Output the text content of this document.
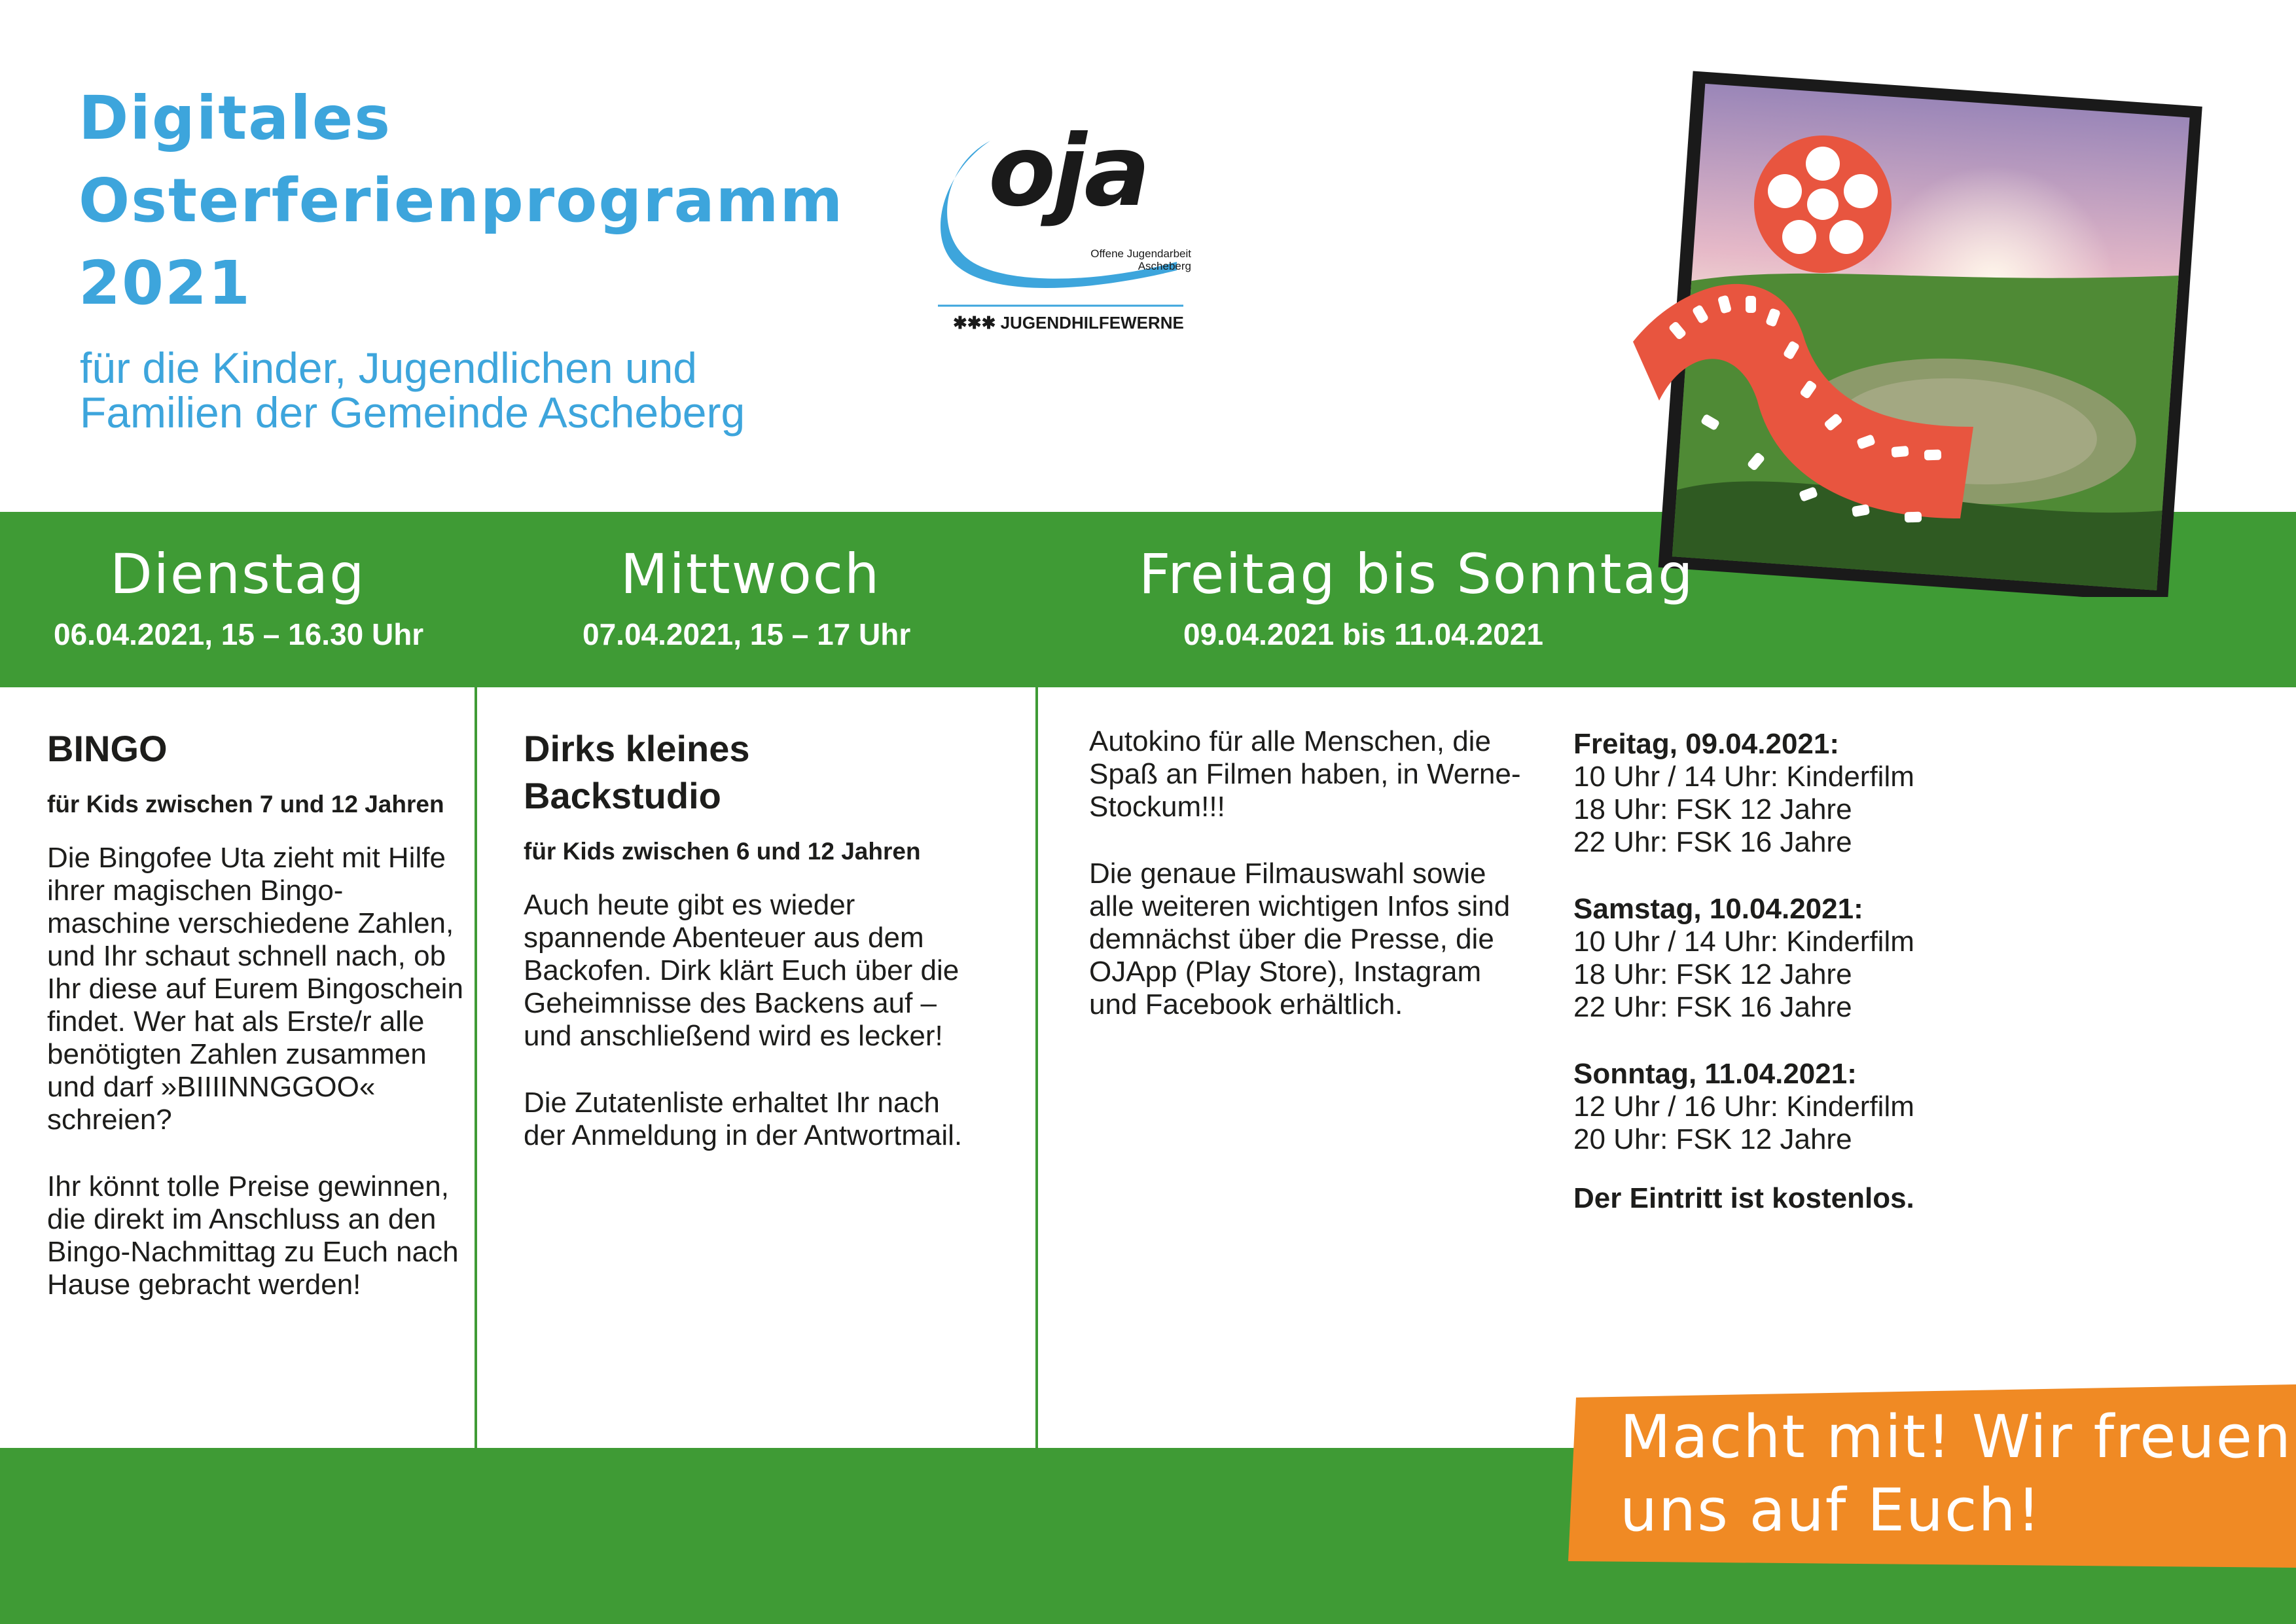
Digitales
Osterferienprogramm
2021
für die Kinder, Jugendlichen und
Familien der Gemeinde Ascheberg
oja
Offene Jugendarbeit
Ascheberg
✱✱✱ JUGENDHILFEWERNE
Dienstag
06.04.2021, 15 – 16.30 Uhr
Mittwoch
07.04.2021, 15 – 17 Uhr
Freitag bis Sonntag
09.04.2021 bis 11.04.2021
BINGO
für Kids zwischen 7 und 12 Jahren

Die Bingofee Uta zieht mit Hilfe ihrer magischen Bingo-maschine verschiedene Zahlen, und Ihr schaut schnell nach, ob Ihr diese auf Eurem Bingoschein findet. Wer hat als Erste/r alle benötigten Zahlen zusammen und darf »BIIIINNGGOO« schreien?

Ihr könnt tolle Preise gewinnen, die direkt im Anschluss an den Bingo-Nachmittag zu Euch nach Hause gebracht werden!

Dirks kleines
Backstudio
für Kids zwischen 6 und 12 Jahren

Auch heute gibt es wieder spannende Abenteuer aus dem Backofen. Dirk klärt Euch über die Geheimnisse des Backens auf – und anschließend wird es lecker!

Die Zutatenliste erhaltet Ihr nach der Anmeldung in der Antwortmail.

Autokino für alle Menschen, die Spaß an Filmen haben, in Werne-Stockum!!!

Die genaue Filmauswahl sowie alle weiteren wichtigen Infos sind demnächst über die Presse, die OJApp (Play Store), Instagram und Facebook erhältlich.

Freitag, 09.04.2021:
10 Uhr / 14 Uhr: Kinderfilm
18 Uhr: FSK 12 Jahre
22 Uhr: FSK 16 Jahre
Samstag, 10.04.2021:
10 Uhr / 14 Uhr: Kinderfilm
18 Uhr: FSK 12 Jahre
22 Uhr: FSK 16 Jahre
Sonntag, 11.04.2021:
12 Uhr / 16 Uhr: Kinderfilm
20 Uhr: FSK 12 Jahre
Der Eintritt ist kostenlos.
Macht mit! Wir freuen
uns auf Euch!
